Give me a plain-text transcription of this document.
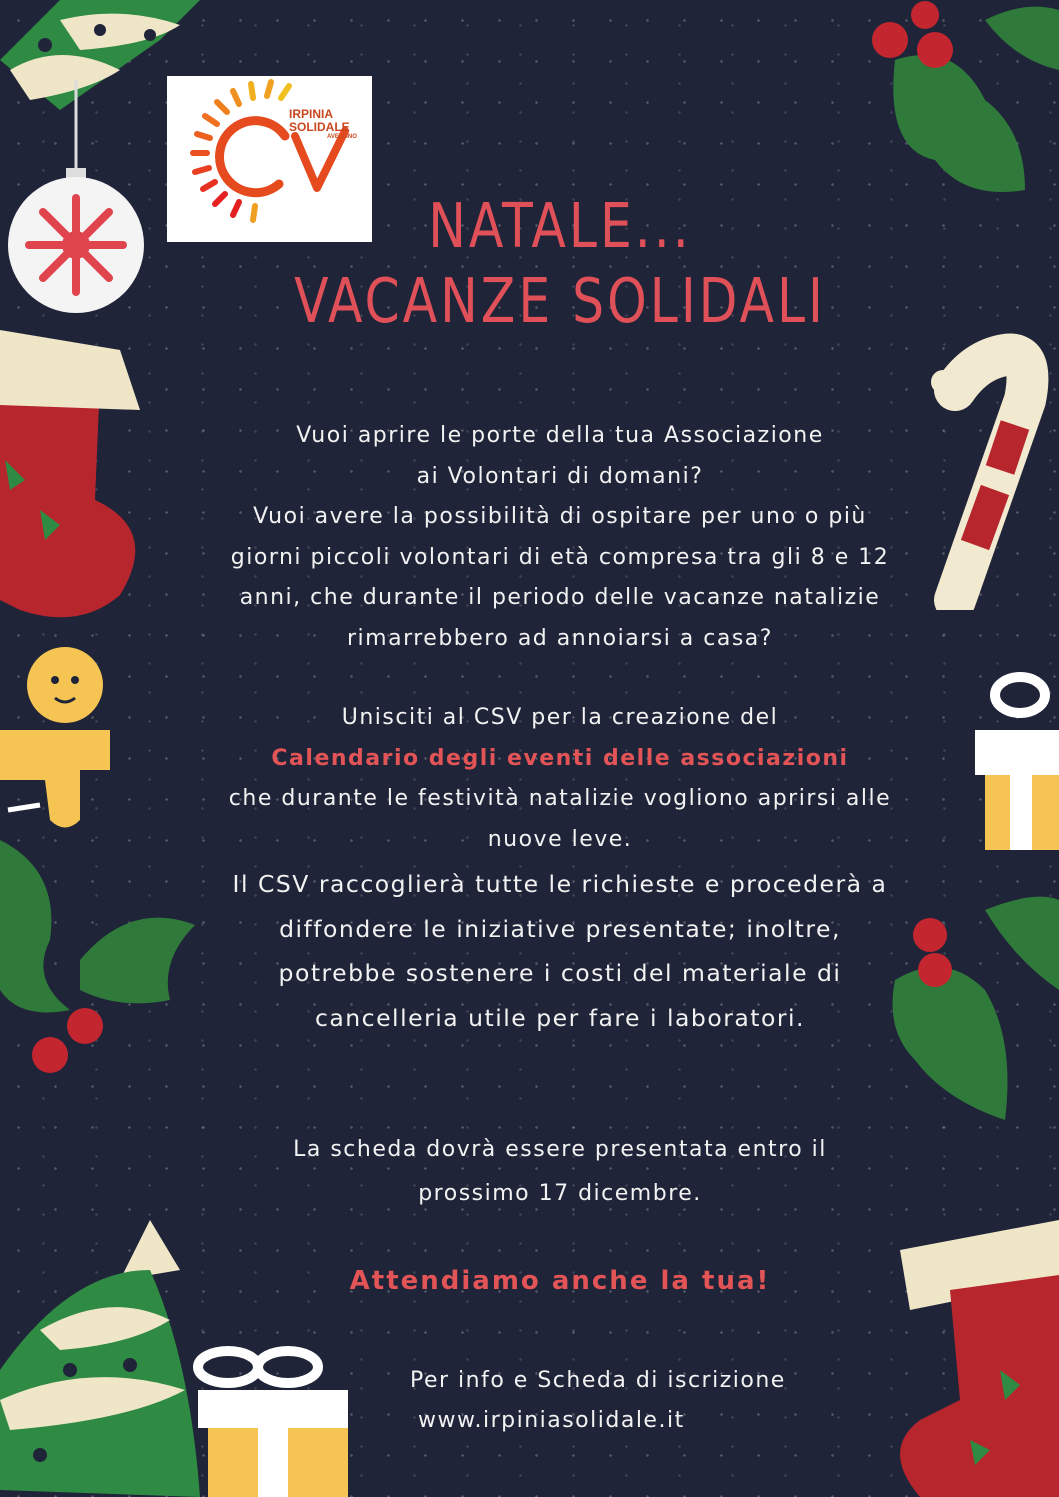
IRPINIA
SOLIDALE
AVELLINO
NATALE...
VACANZE SOLIDALI
Vuoi aprire le porte della tua Associazione
ai Volontari di domani?
Vuoi avere la possibilità di ospitare per uno o più
giorni piccoli volontari di età compresa tra gli 8 e 12
anni, che durante il periodo delle vacanze natalizie
rimarrebbero ad annoiarsi a casa?
Unisciti al CSV per la creazione del
Calendario degli eventi delle associazioni
che durante le festività natalizie vogliono aprirsi alle
nuove leve.
Il CSV raccoglierà tutte le richieste e procederà a
diffondere le iniziative presentate; inoltre,
potrebbe sostenere i costi del materiale di
cancelleria utile per fare i laboratori.
La scheda dovrà essere presentata entro il
prossimo 17 dicembre.
Attendiamo anche la tua!
Per info e Scheda di iscrizione
www.irpiniasolidale.it
